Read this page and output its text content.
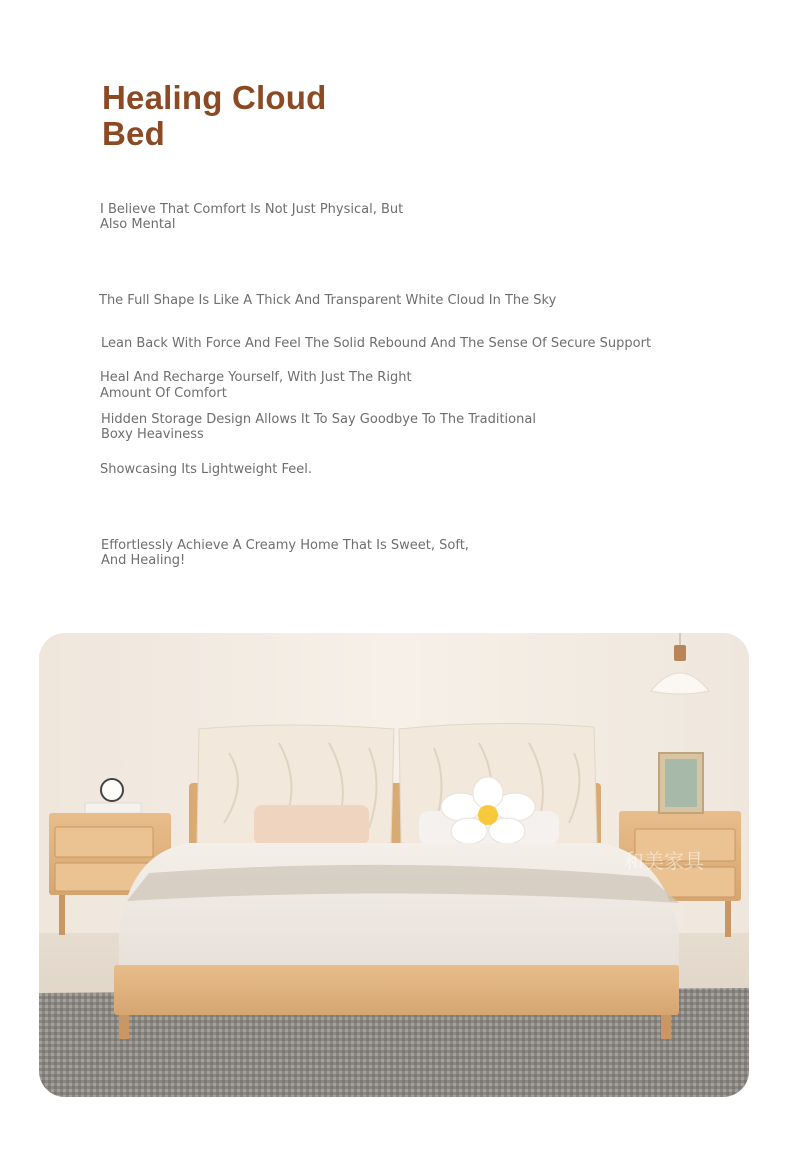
Healing Cloud
Bed

I Believe That Comfort Is Not Just Physical, But
Also Mental

The Full Shape Is Like A Thick And Transparent White Cloud In The Sky

Lean Back With Force And Feel The Solid Rebound And The Sense Of Secure Support

Heal And Recharge Yourself, With Just The Right
Amount Of Comfort

Hidden Storage Design Allows It To Say Goodbye To The Traditional
Boxy Heaviness

Showcasing Its Lightweight Feel.

Effortlessly Achieve A Creamy Home That Is Sweet, Soft,
And Healing!

和美家具
